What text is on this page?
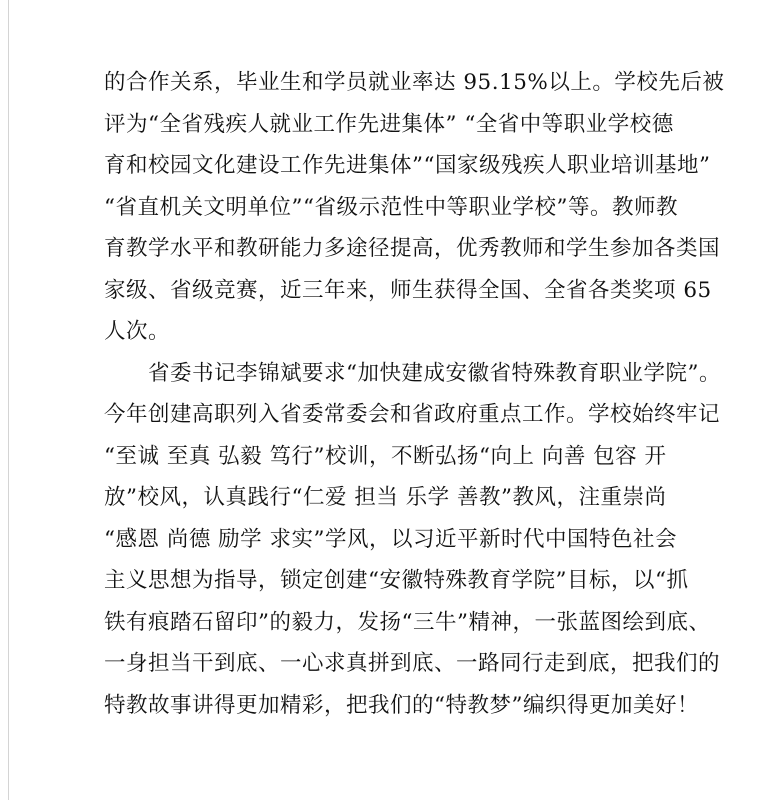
的合作关系，毕业生和学员就业率达 95.15%以上。学校先后被
评为“全省残疾人就业工作先进集体” “全省中等职业学校德
育和校园文化建设工作先进集体”“国家级残疾人职业培训基地”
“省直机关文明单位”“省级示范性中等职业学校”等。教师教
育教学水平和教研能力多途径提高，优秀教师和学生参加各类国
家级、省级竞赛，近三年来，师生获得全国、全省各类奖项 65
人次。
省委书记李锦斌要求“加快建成安徽省特殊教育职业学院”。
今年创建高职列入省委常委会和省政府重点工作。学校始终牢记
“至诚 至真 弘毅 笃行”校训，不断弘扬“向上 向善 包容 开
放”校风，认真践行“仁爱 担当 乐学 善教”教风，注重崇尚
“感恩 尚德 励学 求实”学风，以习近平新时代中国特色社会
主义思想为指导，锁定创建“安徽特殊教育学院”目标，以“抓
铁有痕踏石留印”的毅力，发扬“三牛”精神，一张蓝图绘到底、
一身担当干到底、一心求真拼到底、一路同行走到底，把我们的
特教故事讲得更加精彩，把我们的“特教梦”编织得更加美好！
